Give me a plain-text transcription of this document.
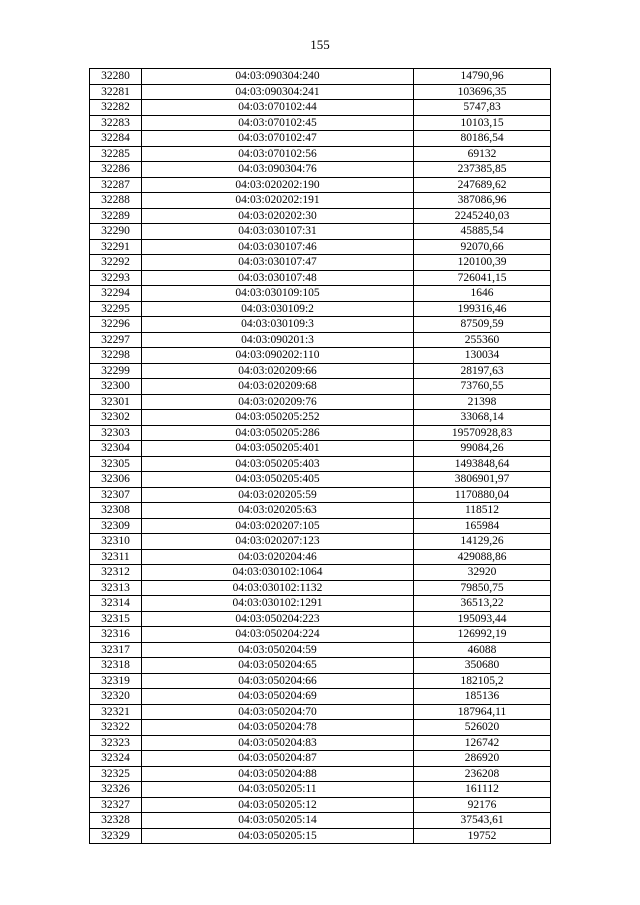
155
32280	04:03:090304:240	14790,96
32281	04:03:090304:241	103696,35
32282	04:03:070102:44	5747,83
32283	04:03:070102:45	10103,15
32284	04:03:070102:47	80186,54
32285	04:03:070102:56	69132
32286	04:03:090304:76	237385,85
32287	04:03:020202:190	247689,62
32288	04:03:020202:191	387086,96
32289	04:03:020202:30	2245240,03
32290	04:03:030107:31	45885,54
32291	04:03:030107:46	92070,66
32292	04:03:030107:47	120100,39
32293	04:03:030107:48	726041,15
32294	04:03:030109:105	1646
32295	04:03:030109:2	199316,46
32296	04:03:030109:3	87509,59
32297	04:03:090201:3	255360
32298	04:03:090202:110	130034
32299	04:03:020209:66	28197,63
32300	04:03:020209:68	73760,55
32301	04:03:020209:76	21398
32302	04:03:050205:252	33068,14
32303	04:03:050205:286	19570928,83
32304	04:03:050205:401	99084,26
32305	04:03:050205:403	1493848,64
32306	04:03:050205:405	3806901,97
32307	04:03:020205:59	1170880,04
32308	04:03:020205:63	118512
32309	04:03:020207:105	165984
32310	04:03:020207:123	14129,26
32311	04:03:020204:46	429088,86
32312	04:03:030102:1064	32920
32313	04:03:030102:1132	79850,75
32314	04:03:030102:1291	36513,22
32315	04:03:050204:223	195093,44
32316	04:03:050204:224	126992,19
32317	04:03:050204:59	46088
32318	04:03:050204:65	350680
32319	04:03:050204:66	182105,2
32320	04:03:050204:69	185136
32321	04:03:050204:70	187964,11
32322	04:03:050204:78	526020
32323	04:03:050204:83	126742
32324	04:03:050204:87	286920
32325	04:03:050204:88	236208
32326	04:03:050205:11	161112
32327	04:03:050205:12	92176
32328	04:03:050205:14	37543,61
32329	04:03:050205:15	19752
